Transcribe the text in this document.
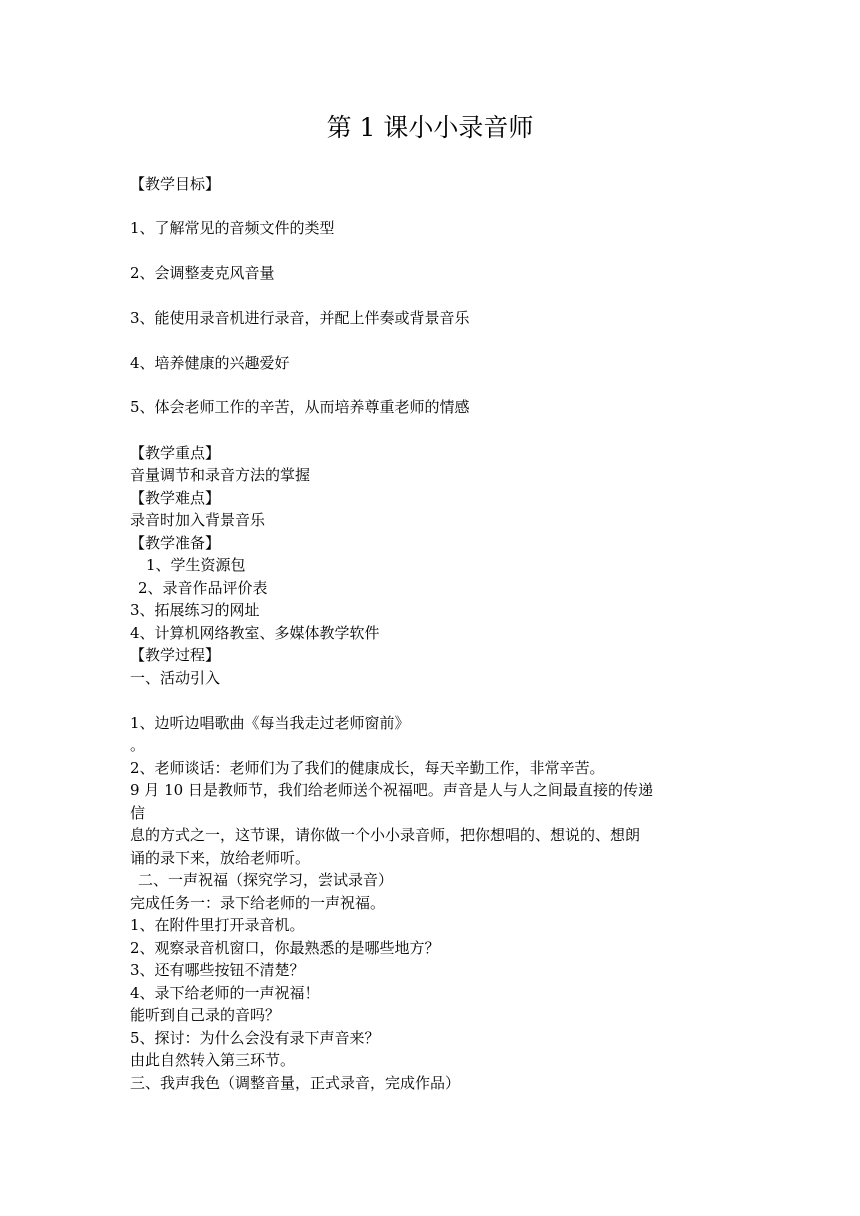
第 1 课小小录音师
【教学目标】
1、了解常见的音频文件的类型
2、会调整麦克风音量
3、能使用录音机进行录音，并配上伴奏或背景音乐
4、培养健康的兴趣爱好
5、体会老师工作的辛苦，从而培养尊重老师的情感
【教学重点】
音量调节和录音方法的掌握
【教学难点】
录音时加入背景音乐
【教学准备】
1、学生资源包
2、录音作品评价表
3、拓展练习的网址
4、计算机网络教室、多媒体教学软件
【教学过程】
一、活动引入
1、边听边唱歌曲《每当我走过老师窗前》
。
2、老师谈话：老师们为了我们的健康成长，每天辛勤工作，非常辛苦。
9 月 10 日是教师节，我们给老师送个祝福吧。声音是人与人之间最直接的传递
信
息的方式之一，这节课，请你做一个小小录音师，把你想唱的、想说的、想朗
诵的录下来，放给老师听。
二、一声祝福（探究学习，尝试录音）
完成任务一：录下给老师的一声祝福。
1、在附件里打开录音机。
2、观察录音机窗口，你最熟悉的是哪些地方？
3、还有哪些按钮不清楚？
4、录下给老师的一声祝福！
能听到自己录的音吗？
5、探讨：为什么会没有录下声音来？
由此自然转入第三环节。
三、我声我色（调整音量，正式录音，完成作品）
